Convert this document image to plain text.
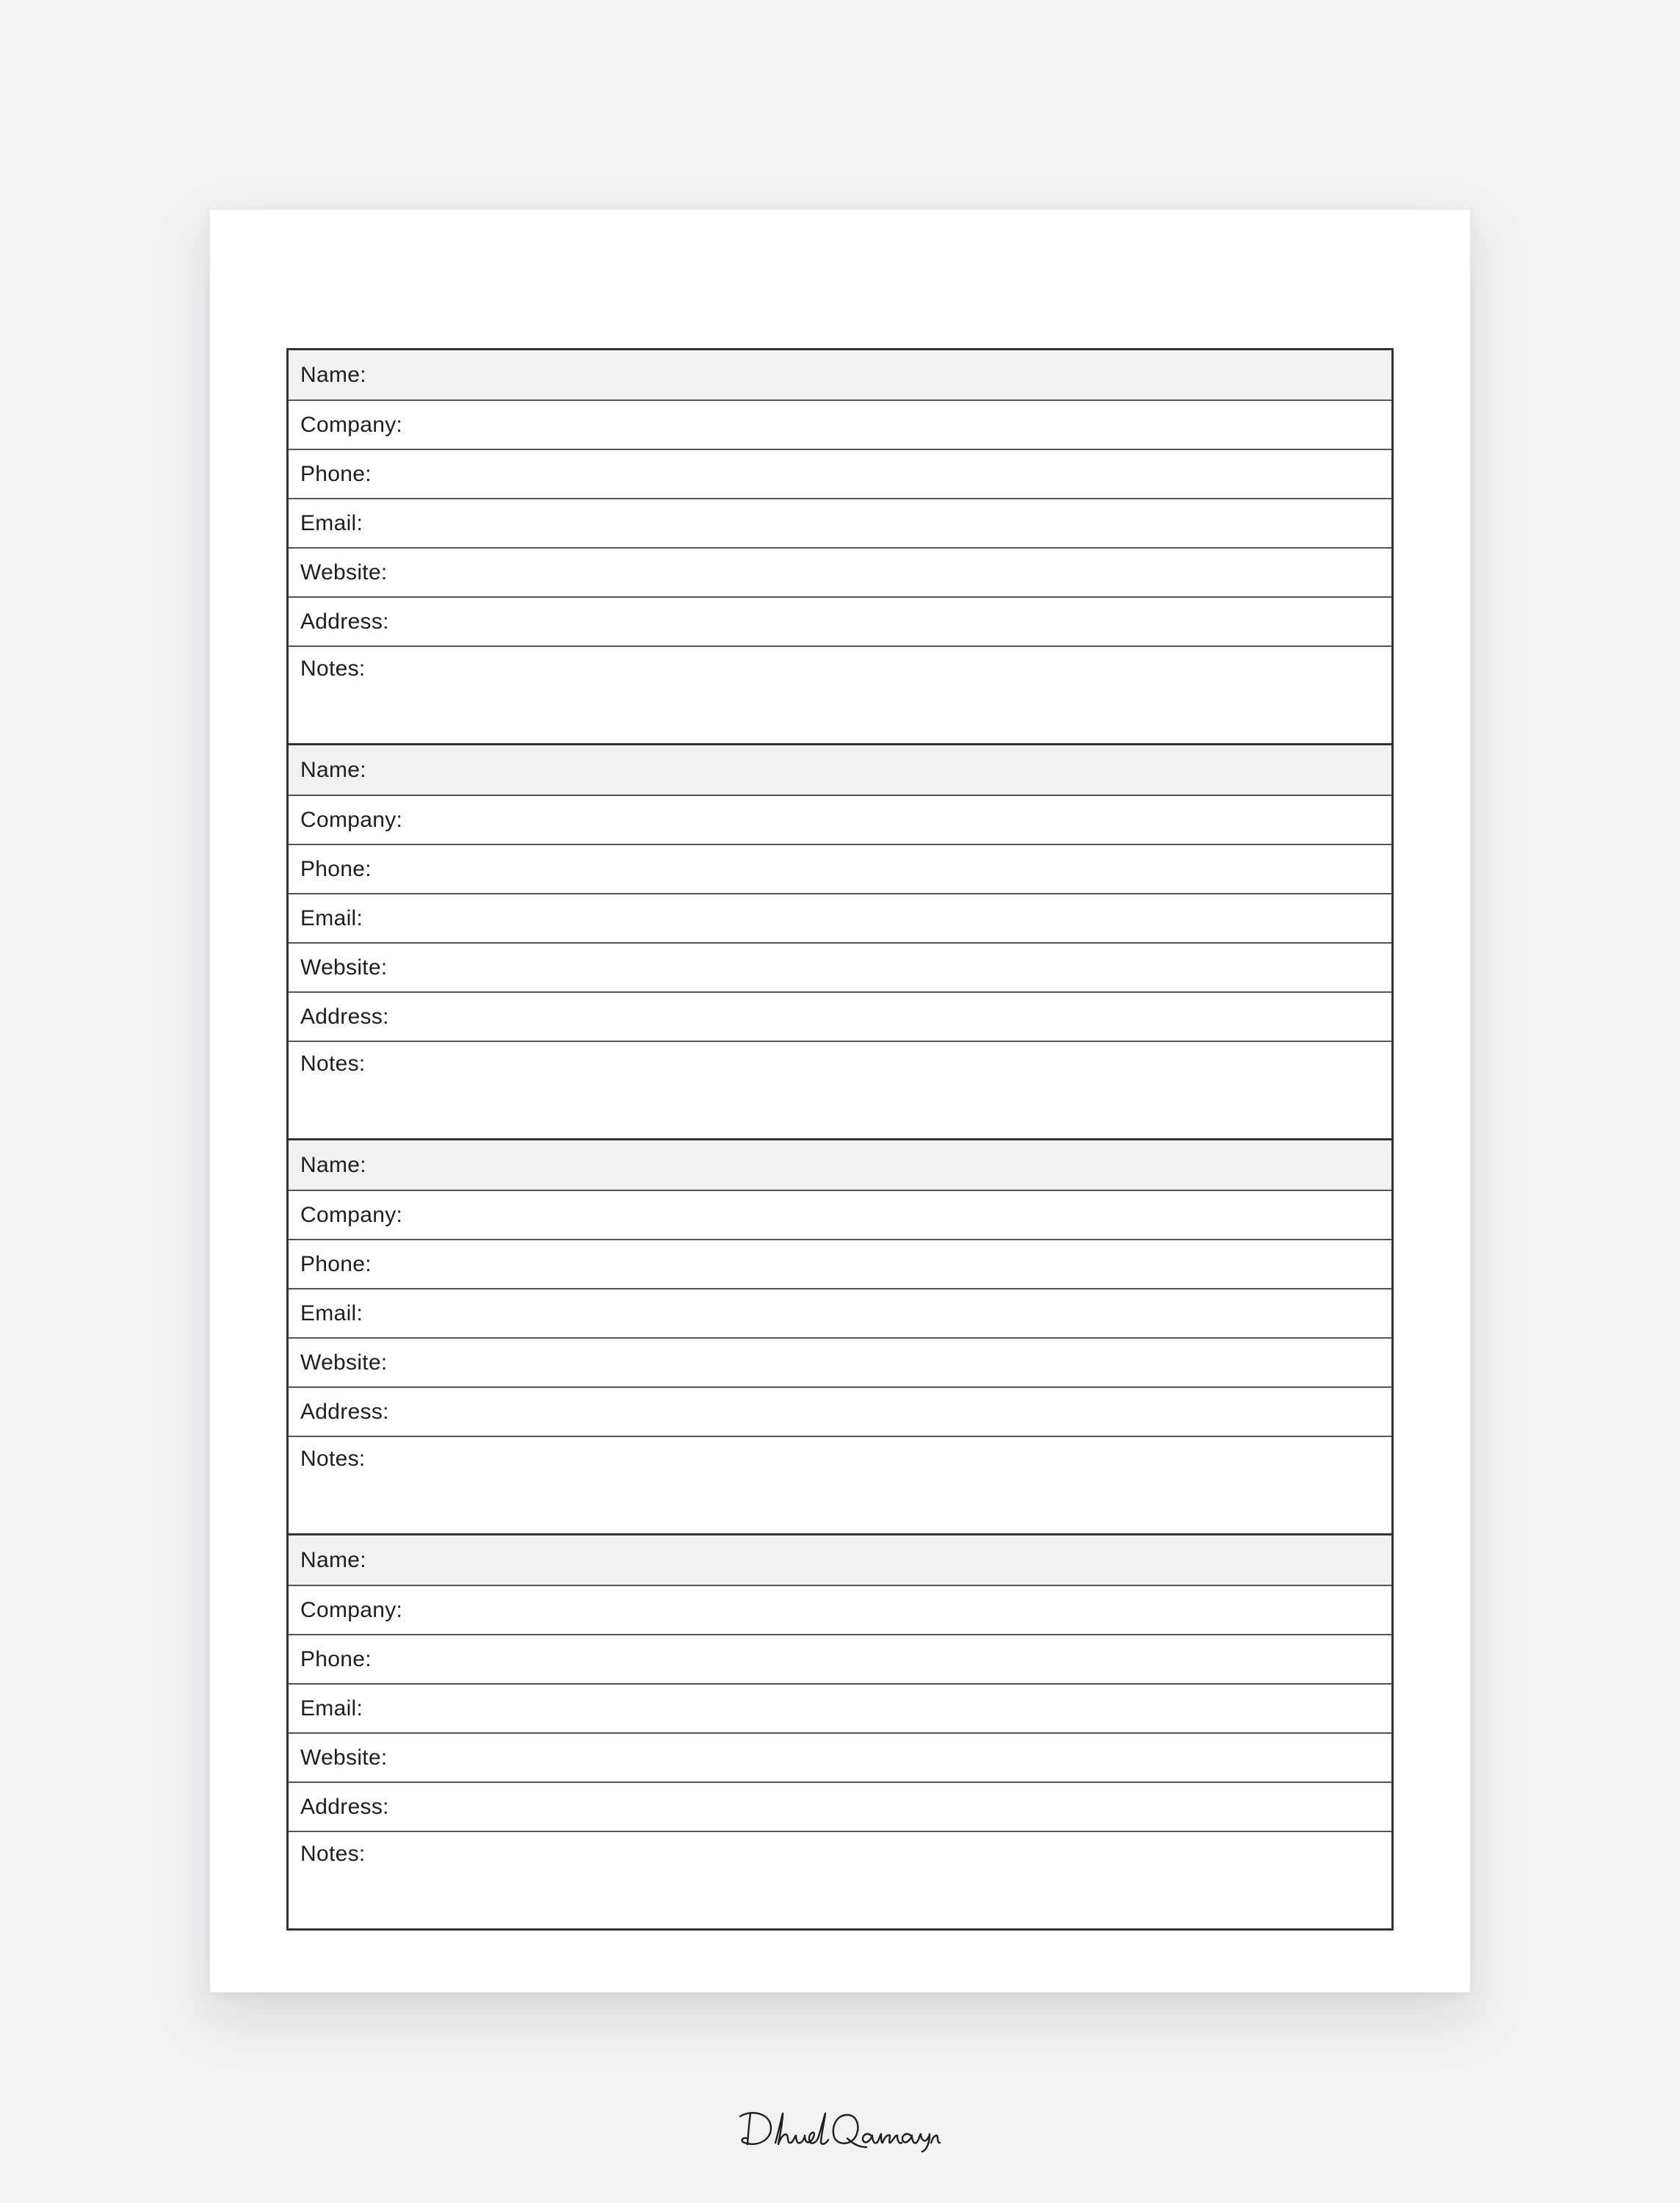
Name:
Company:
Phone:
Email:
Website:
Address:
Notes:
Name:
Company:
Phone:
Email:
Website:
Address:
Notes:
Name:
Company:
Phone:
Email:
Website:
Address:
Notes:
Name:
Company:
Phone:
Email:
Website:
Address:
Notes:
